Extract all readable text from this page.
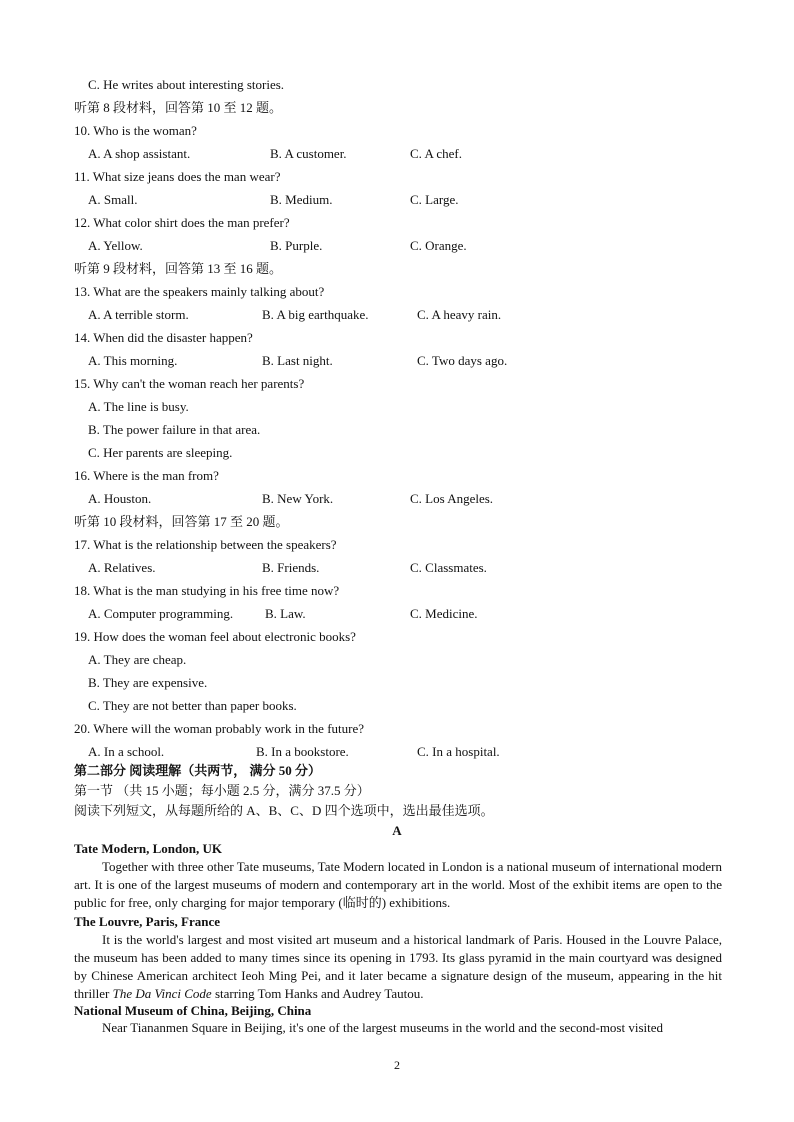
C. He writes about interesting stories.
听第 8 段材料，回答第 10 至 12 题。
10. Who is the woman?
A. A shop assistant.	B. A customer.	C. A chef.
11. What size jeans does the man wear?
A. Small.	B. Medium.	C. Large.
12. What color shirt does the man prefer?
A. Yellow.	B. Purple.	C. Orange.
听第 9 段材料，回答第 13 至 16 题。
13. What are the speakers mainly talking about?
A. A terrible storm.	B. A big earthquake.	C. A heavy rain.
14. When did the disaster happen?
A. This morning.	B. Last night.	C. Two days ago.
15. Why can't the woman reach her parents?
A. The line is busy.
B. The power failure in that area.
C. Her parents are sleeping.
16. Where is the man from?
A. Houston.	B. New York.	C. Los Angeles.
听第 10 段材料，回答第 17 至 20 题。
17. What is the relationship between the speakers?
A. Relatives.	B. Friends.	C. Classmates.
18. What is the man studying in his free time now?
A. Computer programming. B. Law.	C. Medicine.
19. How does the woman feel about electronic books?
A. They are cheap.
B. They are expensive.
C. They are not better than paper books.
20. Where will the woman probably work in the future?
A. In a school.	B. In a bookstore.	C. In a hospital.
第二部分 阅读理解（共两节， 满分 50 分）
第一节 （共 15 小题；每小题 2.5 分，满分 37.5 分）
阅读下列短文，从每题所给的 A、B、C、D 四个选项中，选出最佳选项。
A
Tate Modern, London, UK

Together with three other Tate museums, Tate Modern located in London is a national museum of international modern art. It is one of the largest museums of modern and contemporary art in the world. Most of the exhibit items are open to the public for free, only charging for major temporary (临时的) exhibitions.

The Louvre, Paris, France

It is the world's largest and most visited art museum and a historical landmark of Paris. Housed in the Louvre Palace, the museum has been added to many times since its opening in 1793. Its glass pyramid in the main courtyard was designed by Chinese American architect Ieoh Ming Pei, and it later became a signature design of the museum, appearing in the hit thriller The Da Vinci Code starring Tom Hanks and Audrey Tautou.

National Museum of China, Beijing, China

Near Tiananmen Square in Beijing, it's one of the largest museums in the world and the second-most visited

2
